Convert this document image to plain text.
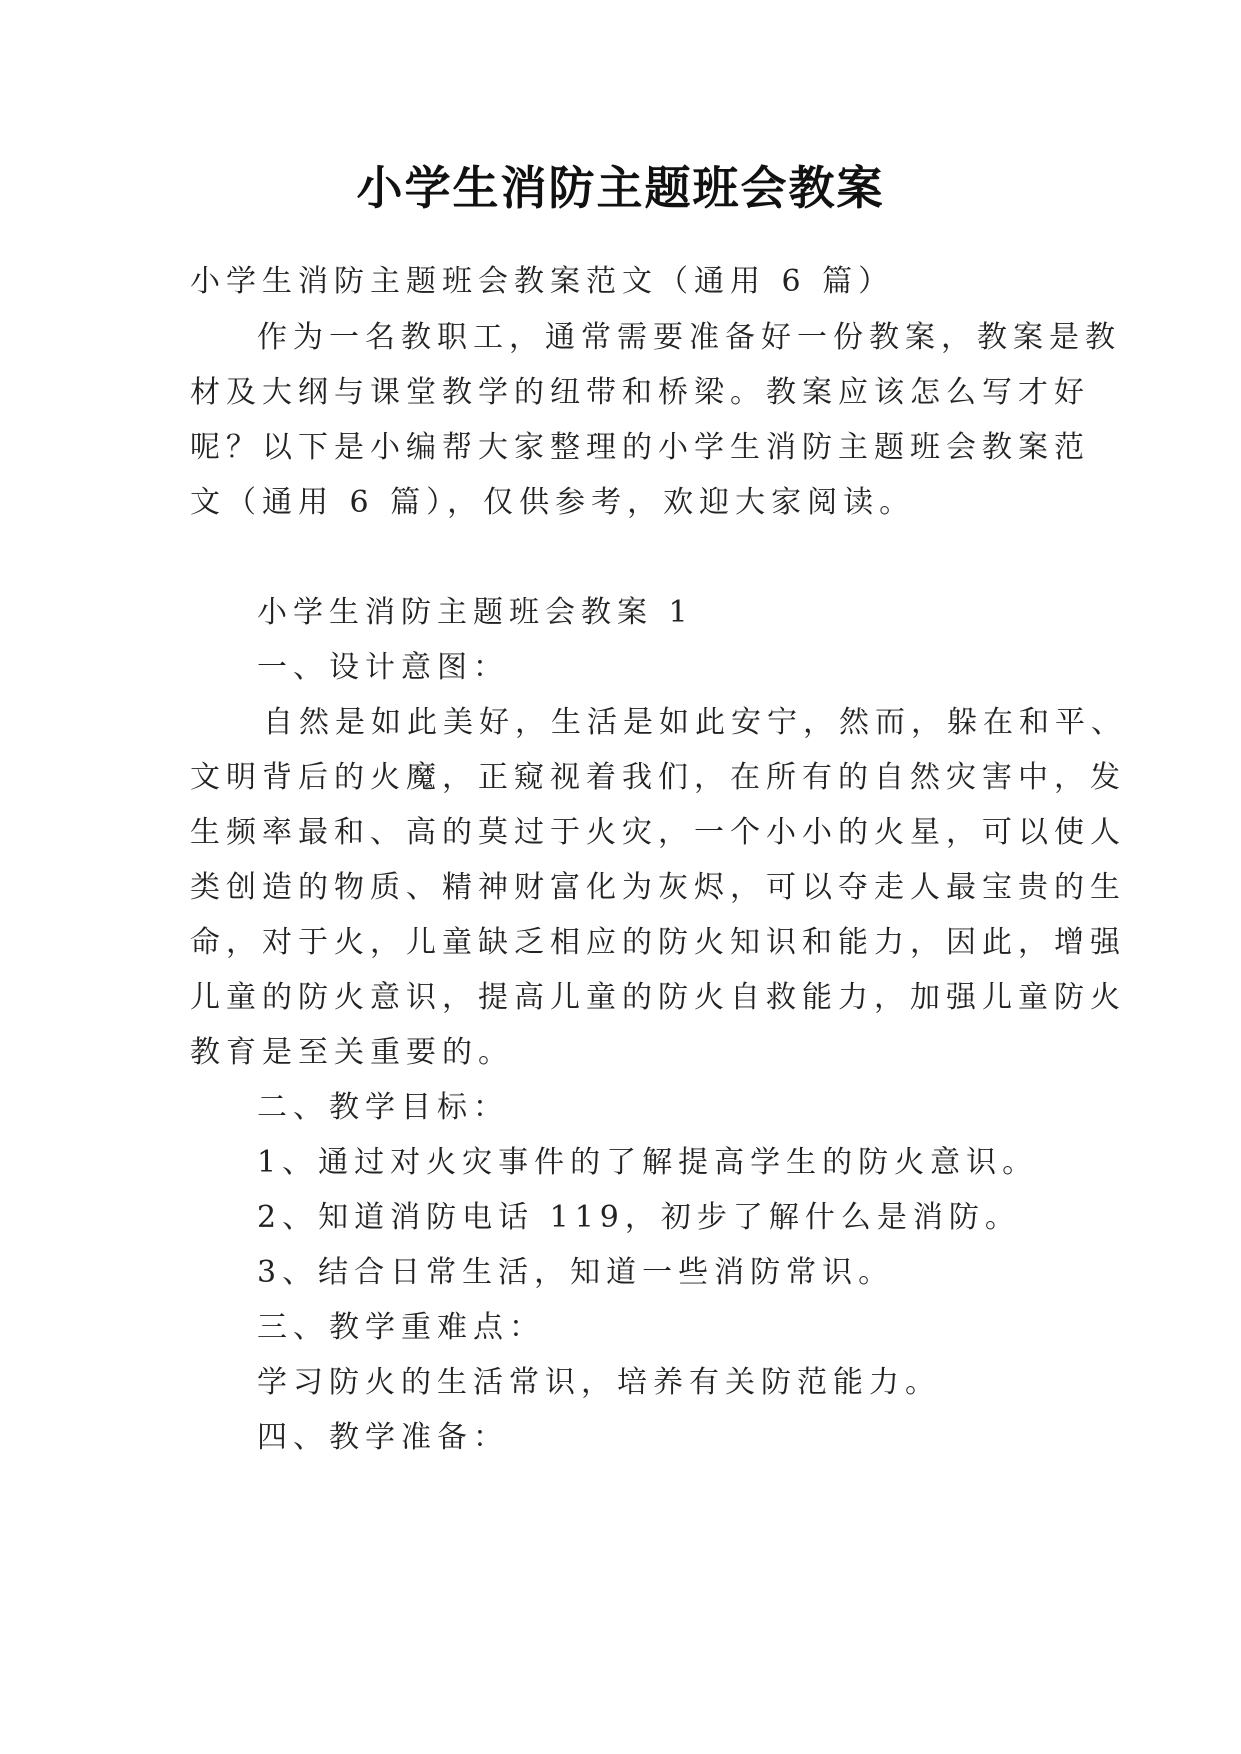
小学生消防主题班会教案
小学生消防主题班会教案范文（通用 6 篇）
作为一名教职工，通常需要准备好一份教案，教案是教
材及大纲与课堂教学的纽带和桥梁。教案应该怎么写才好
呢？以下是小编帮大家整理的小学生消防主题班会教案范
文（通用 6 篇），仅供参考，欢迎大家阅读。
小学生消防主题班会教案 1
一、设计意图：
自然是如此美好，生活是如此安宁，然而，躲在和平、
文明背后的火魔，正窥视着我们，在所有的自然灾害中，发
生频率最和、高的莫过于火灾，一个小小的火星，可以使人
类创造的物质、精神财富化为灰烬，可以夺走人最宝贵的生
命，对于火，儿童缺乏相应的防火知识和能力，因此，增强
儿童的防火意识，提高儿童的防火自救能力，加强儿童防火
教育是至关重要的。
二、教学目标：
1、通过对火灾事件的了解提高学生的防火意识。
2、知道消防电话 119，初步了解什么是消防。
3、结合日常生活，知道一些消防常识。
三、教学重难点：
学习防火的生活常识，培养有关防范能力。
四、教学准备：
